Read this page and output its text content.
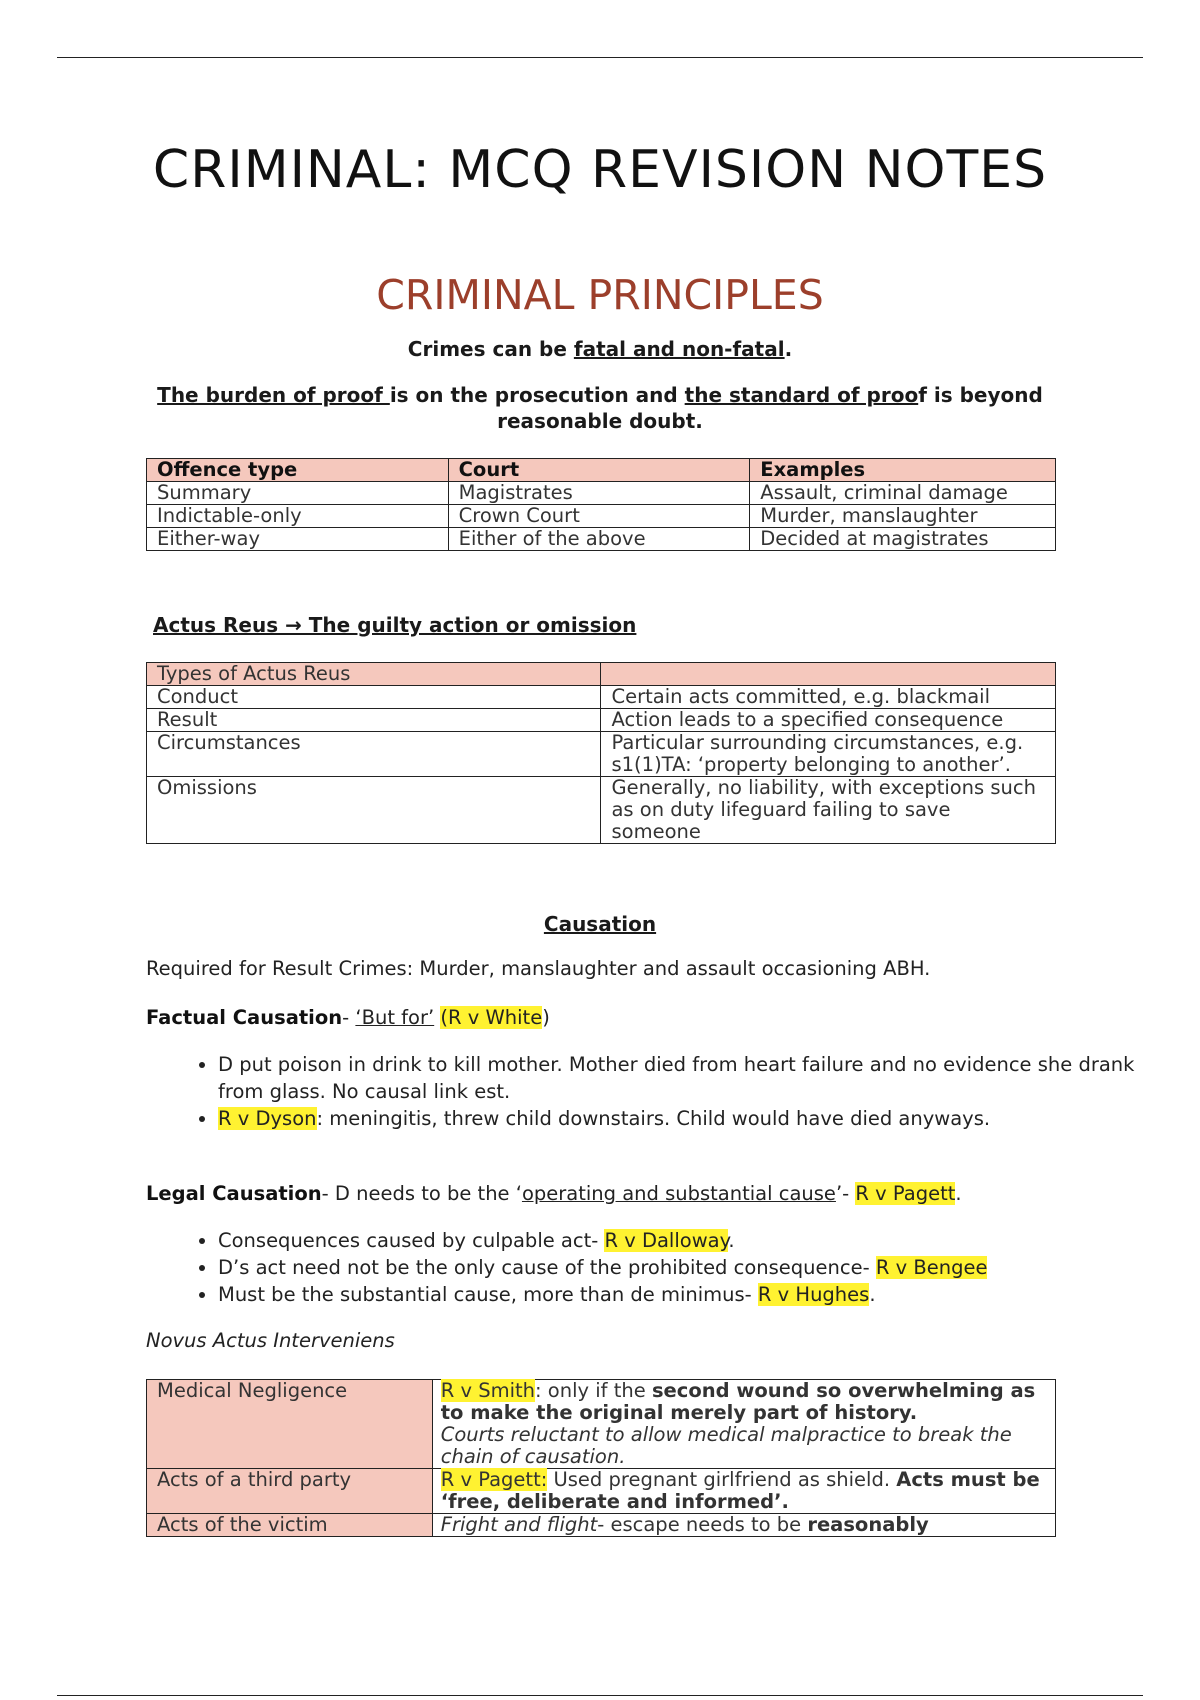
CRIMINAL: MCQ REVISION NOTES
CRIMINAL PRINCIPLES
Crimes can be fatal and non-fatal.
The burden of proof is on the prosecution and the standard of proof is beyond reasonable doubt.
Offence type	Court	Examples
Summary	Magistrates	Assault, criminal damage
Indictable-only	Crown Court	Murder, manslaughter
Either-way	Either of the above	Decided at magistrates
Actus Reus → The guilty action or omission
Types of Actus Reus	
Conduct	Certain acts committed, e.g. blackmail
Result	Action leads to a specified consequence
Circumstances	Particular surrounding circumstances, e.g. s1(1)TA: ‘property belonging to another’.
Omissions	Generally, no liability, with exceptions such as on duty lifeguard failing to save someone
Causation
Required for Result Crimes: Murder, manslaughter and assault occasioning ABH.
Factual Causation- ‘But for’ (R v White)
• D put poison in drink to kill mother. Mother died from heart failure and no evidence she drank from glass. No causal link est.
• R v Dyson: meningitis, threw child downstairs. Child would have died anyways.
Legal Causation- D needs to be the ‘operating and substantial cause’- R v Pagett.
• Consequences caused by culpable act- R v Dalloway.
• D’s act need not be the only cause of the prohibited consequence- R v Bengee
• Must be the substantial cause, more than de minimus- R v Hughes.
Novus Actus Interveniens
Medical Negligence	R v Smith: only if the second wound so overwhelming as to make the original merely part of history.
Courts reluctant to allow medical malpractice to break the chain of causation.
Acts of a third party	R v Pagett: Used pregnant girlfriend as shield. Acts must be ‘free, deliberate and informed’.
Acts of the victim	Fright and flight- escape needs to be reasonably
